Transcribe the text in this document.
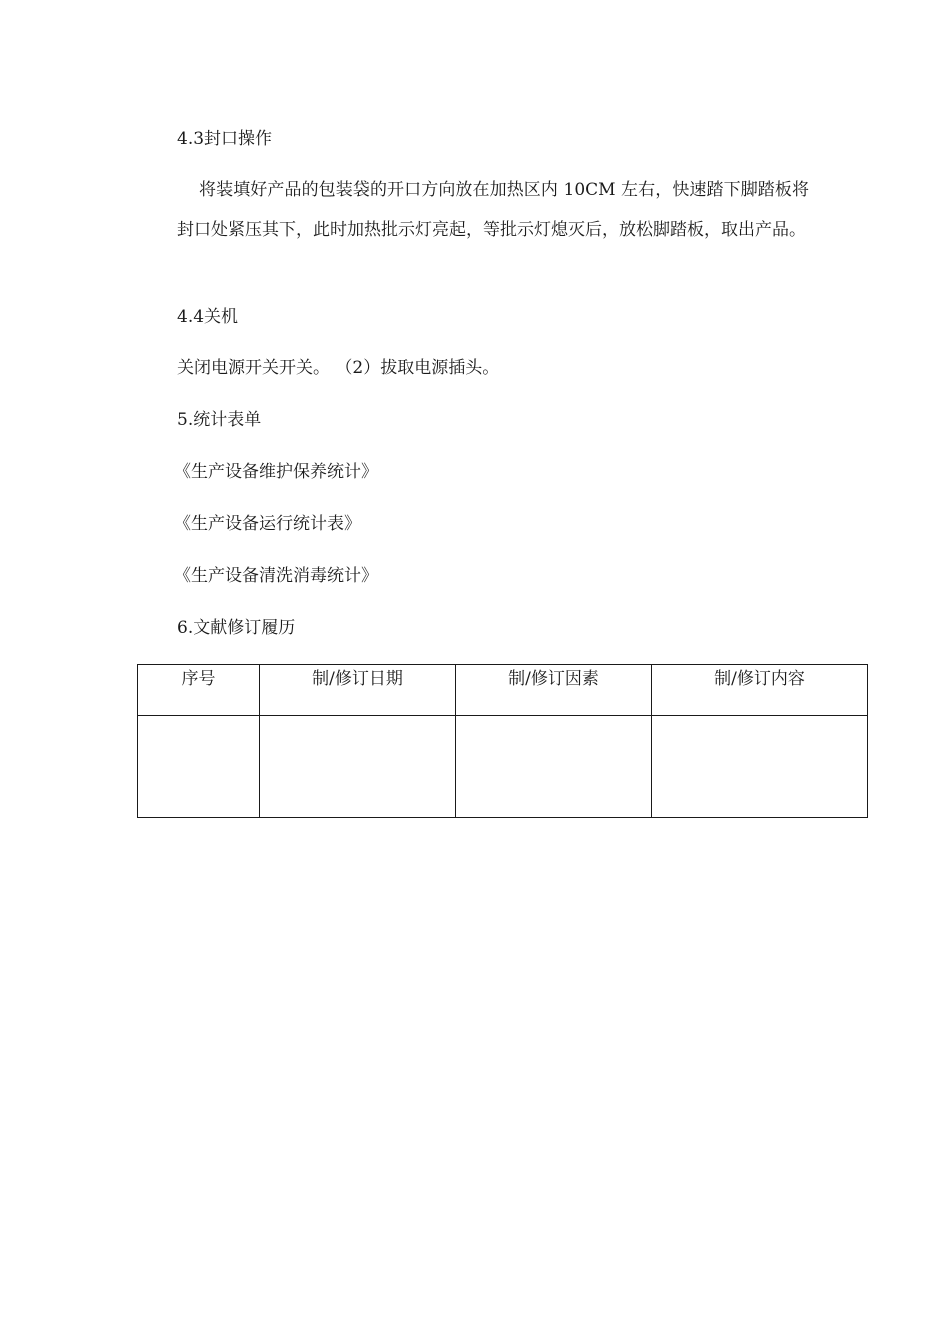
4.3封口操作

将装填好产品的包装袋的开口方向放在加热区内 10CM 左右，快速踏下脚踏板将封口处紧压其下，此时加热批示灯亮起，等批示灯熄灭后，放松脚踏板，取出产品。

4.4关机
关闭电源开关开关。 （2）拔取电源插头。
5.统计表单
《生产设备维护保养统计》
《生产设备运行统计表》
《生产设备清洗消毒统计》
6.文献修订履历
序号	制/修订日期	制/修订因素	制/修订内容
